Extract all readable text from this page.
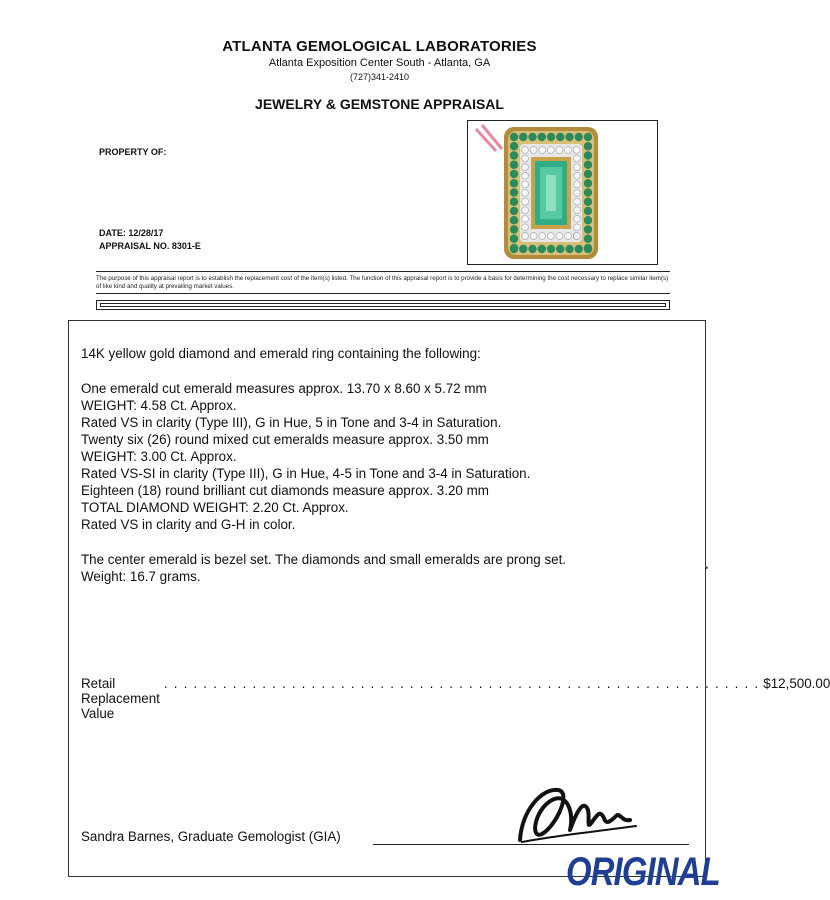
ATLANTA GEMOLOGICAL LABORATORIES
Atlanta Exposition Center South - Atlanta, GA
(727)341-2410
JEWELRY & GEMSTONE APPRAISAL
PROPERTY OF:
DATE: 12/28/17
APPRAISAL NO. 8301-E
The purpose of this appraisal report is to establish the replacement cost of the item(s) listed. The function of this appraisal report is to provide a basis for determining the cost necessary to replace similar item(s) of like kind and quality at prevailing market values.
14K yellow gold diamond and emerald ring containing the following:
One emerald cut emerald measures approx. 13.70 x 8.60 x 5.72 mm
WEIGHT: 4.58 Ct. Approx.
Rated VS in clarity (Type III), G in Hue, 5 in Tone and 3-4 in Saturation.
Twenty six (26) round mixed cut emeralds measure approx. 3.50 mm
WEIGHT: 3.00 Ct. Approx.
Rated VS-SI in clarity (Type III), G in Hue, 4-5 in Tone and 3-4 in Saturation.
Eighteen (18) round brilliant cut diamonds measure approx. 3.20 mm
TOTAL DIAMOND WEIGHT: 2.20 Ct. Approx.
Rated VS in clarity and G-H in color.
The center emerald is bezel set. The diamonds and small emeralds are prong set.
Weight: 16.7 grams.
•
Retail Replacement Value
. . . . . . . . . . . . . . . . . . . . . . . . . . . . . . . . . . . . . . . . . . . . . . . . . . . . . . . . . . . . . $12,500.00
Sandra Barnes, Graduate Gemologist (GIA)
ORIGINAL
